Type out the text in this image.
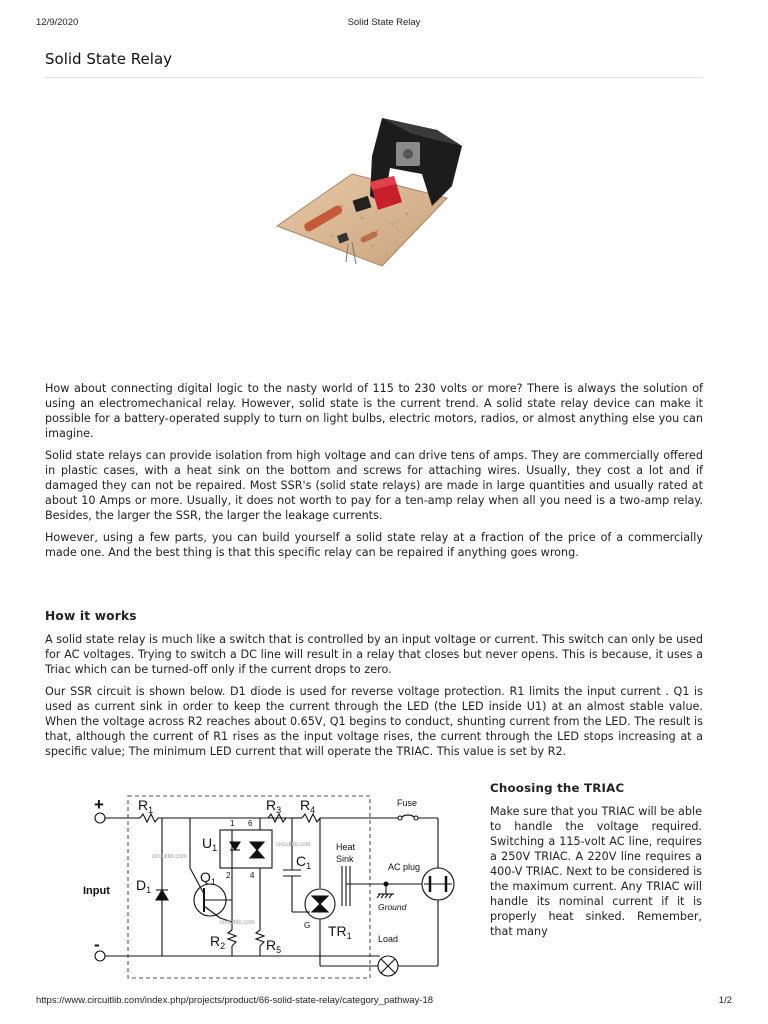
12/9/2020	Solid State Relay
Solid State Relay

How about connecting digital logic to the nasty world of 115 to 230 volts or more? There is always the solution of using an electromechanical relay. However, solid state is the current trend. A solid state relay device can make it possible for a battery-operated supply to turn on light bulbs, electric motors, radios, or almost anything else you can imagine.

Solid state relays can provide isolation from high voltage and can drive tens of amps. They are commercially offered in plastic cases, with a heat sink on the bottom and screws for attaching wires. Usually, they cost a lot and if damaged they can not be repaired. Most SSR's (solid state relays) are made in large quantities and usually rated at about 10 Amps or more. Usually, it does not worth to pay for a ten-amp relay when all you need is a two-amp relay. Besides, the larger the SSR, the larger the leakage currents.

However, using a few parts, you can build yourself a solid state relay at a fraction of the price of a commercially made one. And the best thing is that this specific relay can be repaired if anything goes wrong.

How it works

A solid state relay is much like a switch that is controlled by an input voltage or current. This switch can only be used for AC voltages. Trying to switch a DC line will result in a relay that closes but never opens. This is because, it uses a Triac which can be turned-off only if the current drops to zero.

Our SSR circuit is shown below. D1 diode is used for reverse voltage protection. R1 limits the input current . Q1 is used as current sink in order to keep the current through the LED (the LED inside U1) at an almost stable value. When the voltage across R2 reaches about 0.65V, Q1 begins to conduct, shunting current from the LED. The result is that, although the current of R1 rises as the input voltage rises, the current through the LED stops increasing at a specific value; The minimum LED current that will operate the TRIAC. This value is set by R2.

+
-
Input
$R_1$
$D_1$
$Q_1$
$R_2$
1 6
2 4
$U_1$
$R_5$
$R_3$ $R_4$
$C_1$
G $TR_1$
Heat
Sink
Fuse
AC plug
Ground
Load
circuitlib.com
circuitlib.com
circuitlib.com
Choosing the TRIAC

Make sure that you TRIAC will be able to handle the voltage required. Switching a 115-volt AC line, requires a 250V TRIAC. A 220V line requires a 400-V TRIAC. Next to be considered is the maximum current. Any TRIAC will handle its nominal current if it is properly heat sinked. Remember, that many

https://www.circuitlib.com/index.php/projects/product/66-solid-state-relay/category_pathway-18	1/2
